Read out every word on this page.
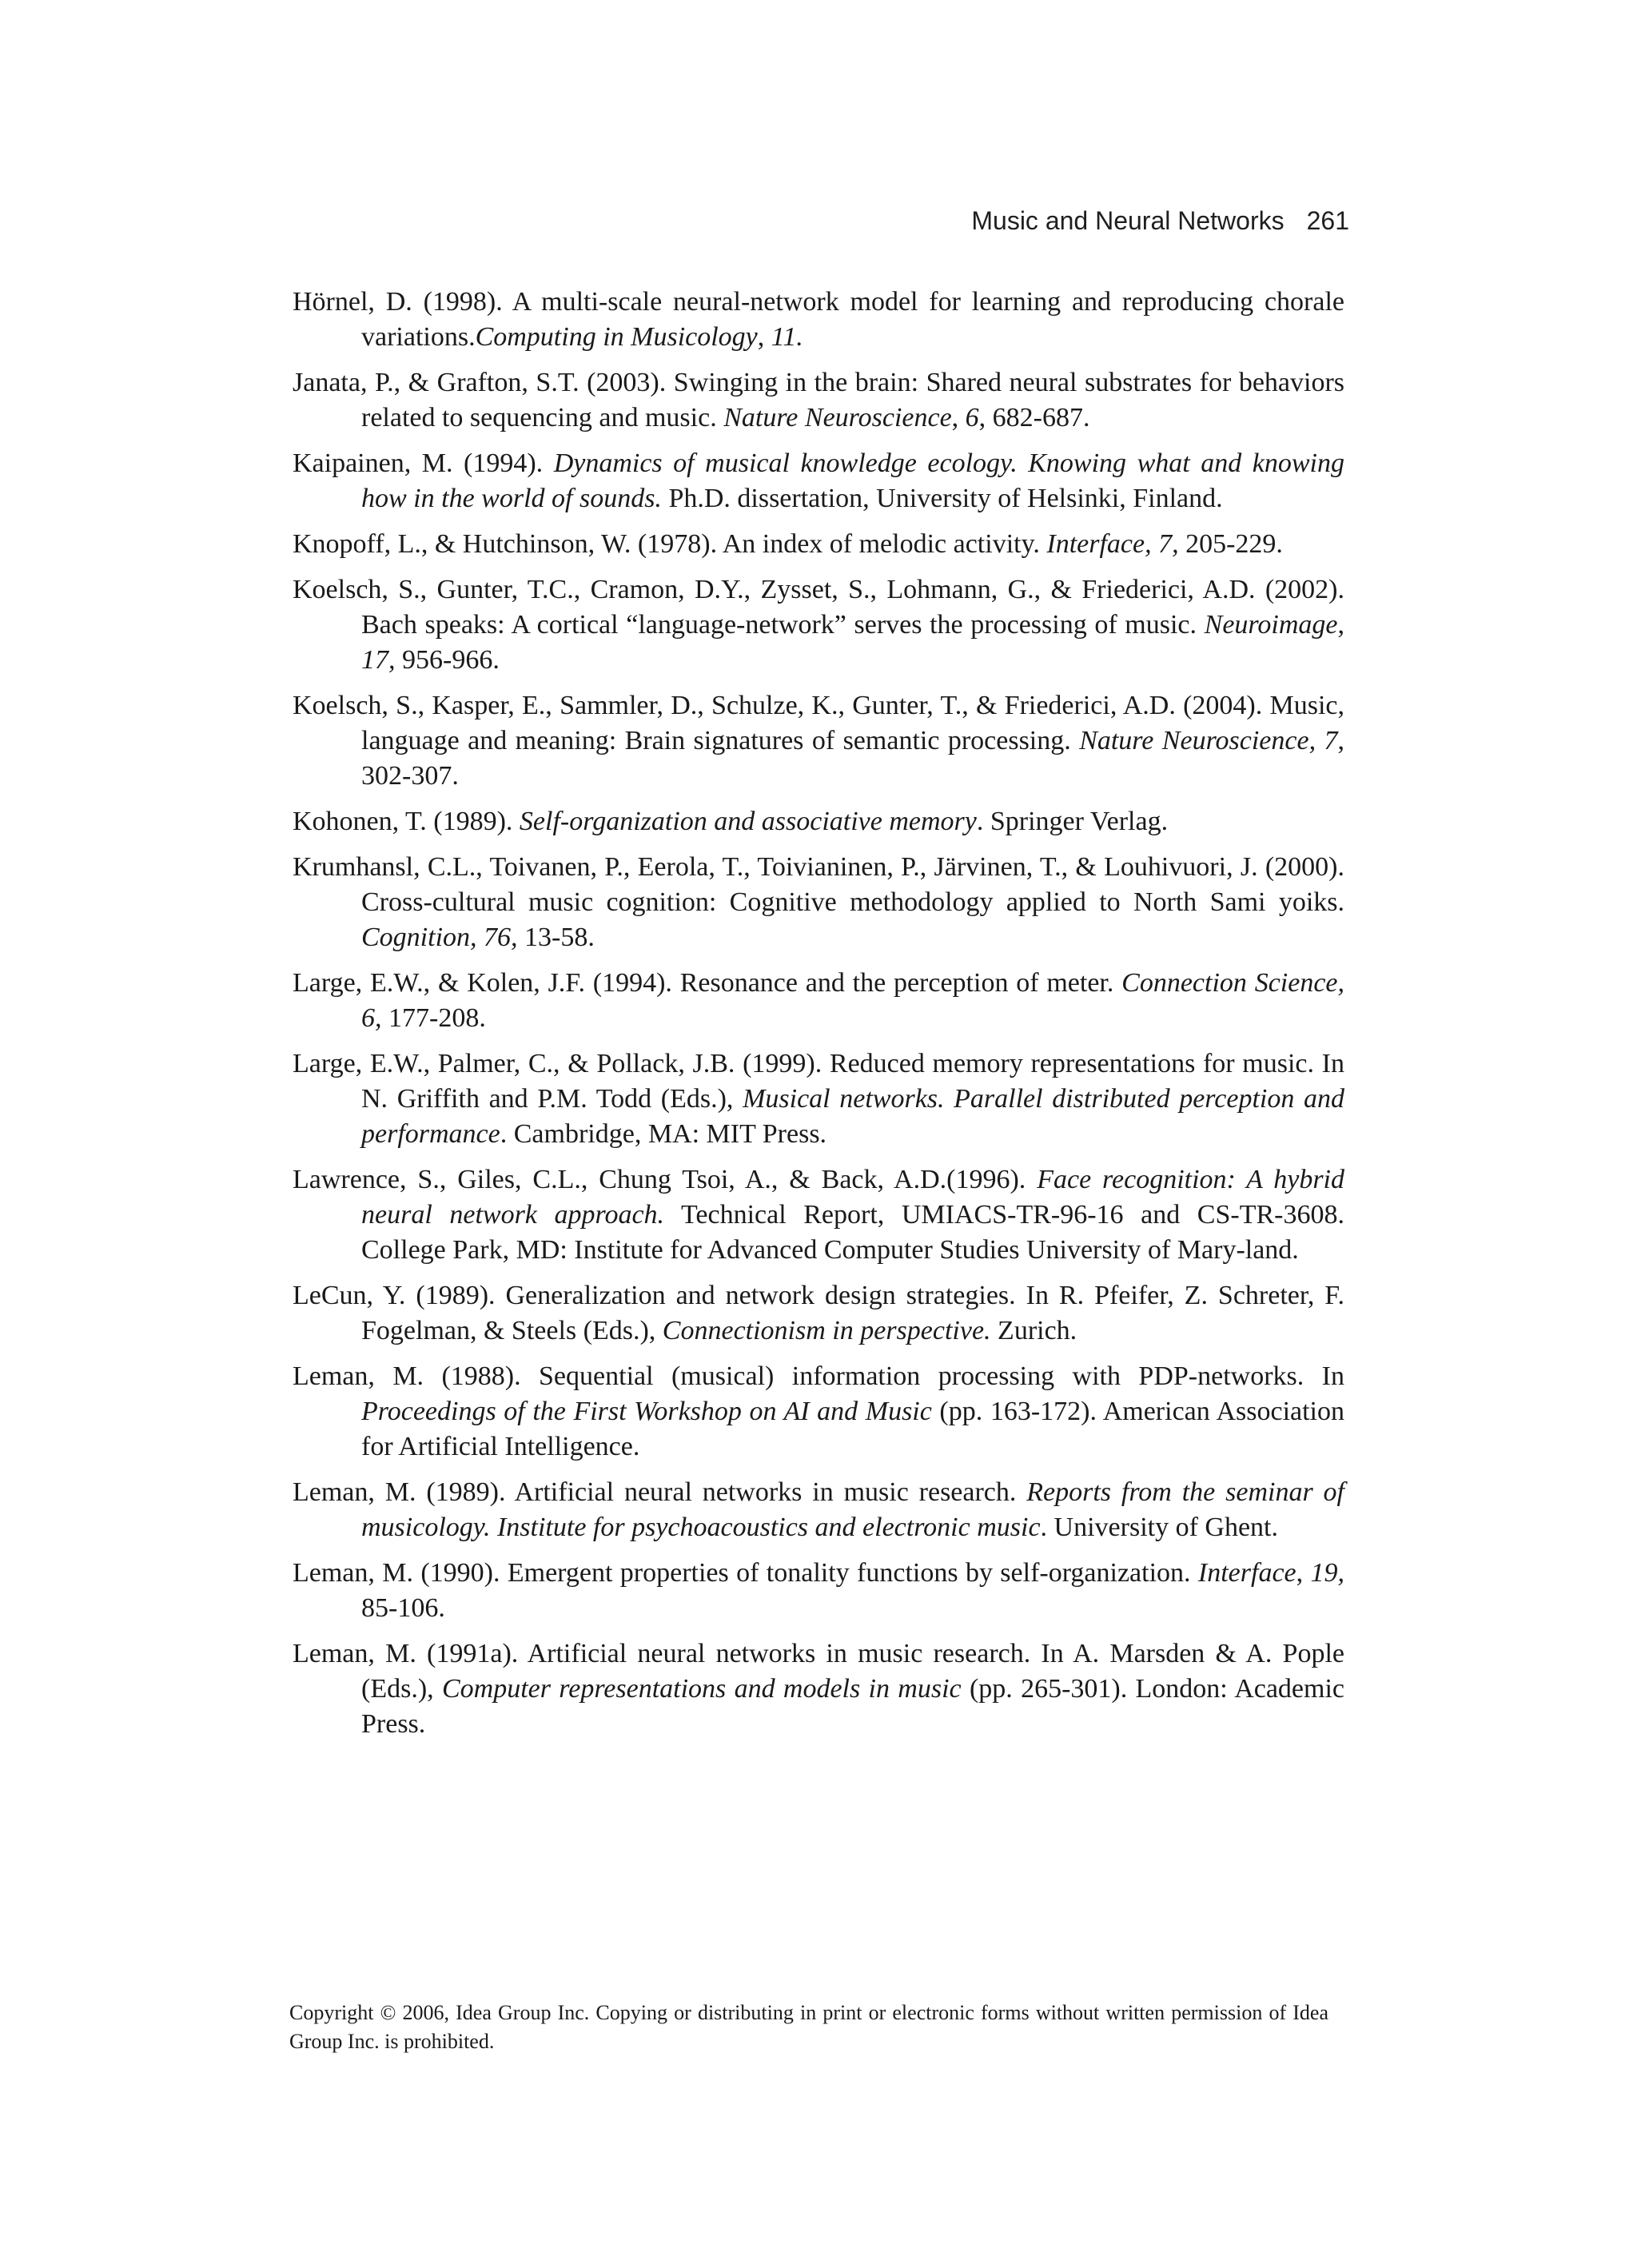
Music and Neural Networks 261

Hörnel, D. (1998). A multi-scale neural-network model for learning and reproducing chorale variations.Computing in Musicology, 11.

Janata, P., & Grafton, S.T. (2003). Swinging in the brain: Shared neural substrates for behaviors related to sequencing and music. Nature Neuroscience, 6, 682-687.

Kaipainen, M. (1994). Dynamics of musical knowledge ecology. Knowing what and knowing how in the world of sounds. Ph.D. dissertation, University of Helsinki, Finland.

Knopoff, L., & Hutchinson, W. (1978). An index of melodic activity. Interface, 7, 205-229.

Koelsch, S., Gunter, T.C., Cramon, D.Y., Zysset, S., Lohmann, G., & Friederici, A.D. (2002). Bach speaks: A cortical “language-network” serves the processing of music. Neuroimage, 17, 956-966.

Koelsch, S., Kasper, E., Sammler, D., Schulze, K., Gunter, T., & Friederici, A.D. (2004). Music, language and meaning: Brain signatures of semantic processing. Nature Neuroscience, 7, 302-307.

Kohonen, T. (1989). Self-organization and associative memory. Springer Verlag.

Krumhansl, C.L., Toivanen, P., Eerola, T., Toivianinen, P., Järvinen, T., & Louhivuori, J. (2000). Cross-cultural music cognition: Cognitive methodology applied to North Sami yoiks. Cognition, 76, 13-58.

Large, E.W., & Kolen, J.F. (1994). Resonance and the perception of meter. Connection Science, 6, 177-208.

Large, E.W., Palmer, C., & Pollack, J.B. (1999). Reduced memory representations for music. In N. Griffith and P.M. Todd (Eds.), Musical networks. Parallel distributed perception and performance. Cambridge, MA: MIT Press.

Lawrence, S., Giles, C.L., Chung Tsoi, A., & Back, A.D.(1996). Face recognition: A hybrid neural network approach. Technical Report, UMIACS-TR-96-16 and CS-TR-3608. College Park, MD: Institute for Advanced Computer Studies University of Mary-land.

LeCun, Y. (1989). Generalization and network design strategies. In R. Pfeifer, Z. Schreter, F. Fogelman, & Steels (Eds.), Connectionism in perspective. Zurich.

Leman, M. (1988). Sequential (musical) information processing with PDP-networks. In Proceedings of the First Workshop on AI and Music (pp. 163-172). American Association for Artificial Intelligence.

Leman, M. (1989). Artificial neural networks in music research. Reports from the seminar of musicology. Institute for psychoacoustics and electronic music. University of Ghent.

Leman, M. (1990). Emergent properties of tonality functions by self-organization. Interface, 19, 85-106.

Leman, M. (1991a). Artificial neural networks in music research. In A. Marsden & A. Pople (Eds.), Computer representations and models in music (pp. 265-301). London: Academic Press.

Copyright © 2006, Idea Group Inc. Copying or distributing in print or electronic forms without written permission of Idea Group Inc. is prohibited.
